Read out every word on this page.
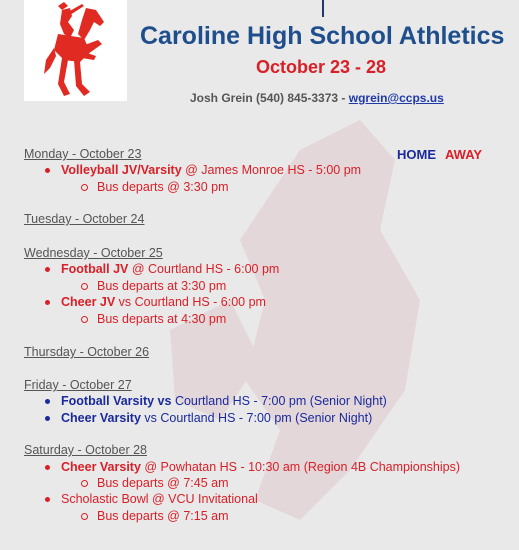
Caroline High School Athletics
October 23 - 28
Josh Grein (540) 845-3373 - wgrein@ccps.us
HOME AWAY
Monday - October 23
Volleyball JV/Varsity @ James Monroe HS - 5:00 pm
Bus departs @ 3:30 pm
Tuesday - October 24
Wednesday - October 25
Football JV @ Courtland HS - 6:00 pm
Bus departs at 3:30 pm
Cheer JV vs Courtland HS - 6:00 pm
Bus departs at 4:30 pm
Thursday - October 26
Friday - October 27
Football Varsity vs Courtland HS - 7:00 pm (Senior Night)
Cheer Varsity vs Courtland HS - 7:00 pm (Senior Night)
Saturday - October 28
Cheer Varsity @ Powhatan HS - 10:30 am (Region 4B Championships)
Bus departs @ 7:45 am
Scholastic Bowl @ VCU Invitational
Bus departs @ 7:15 am
